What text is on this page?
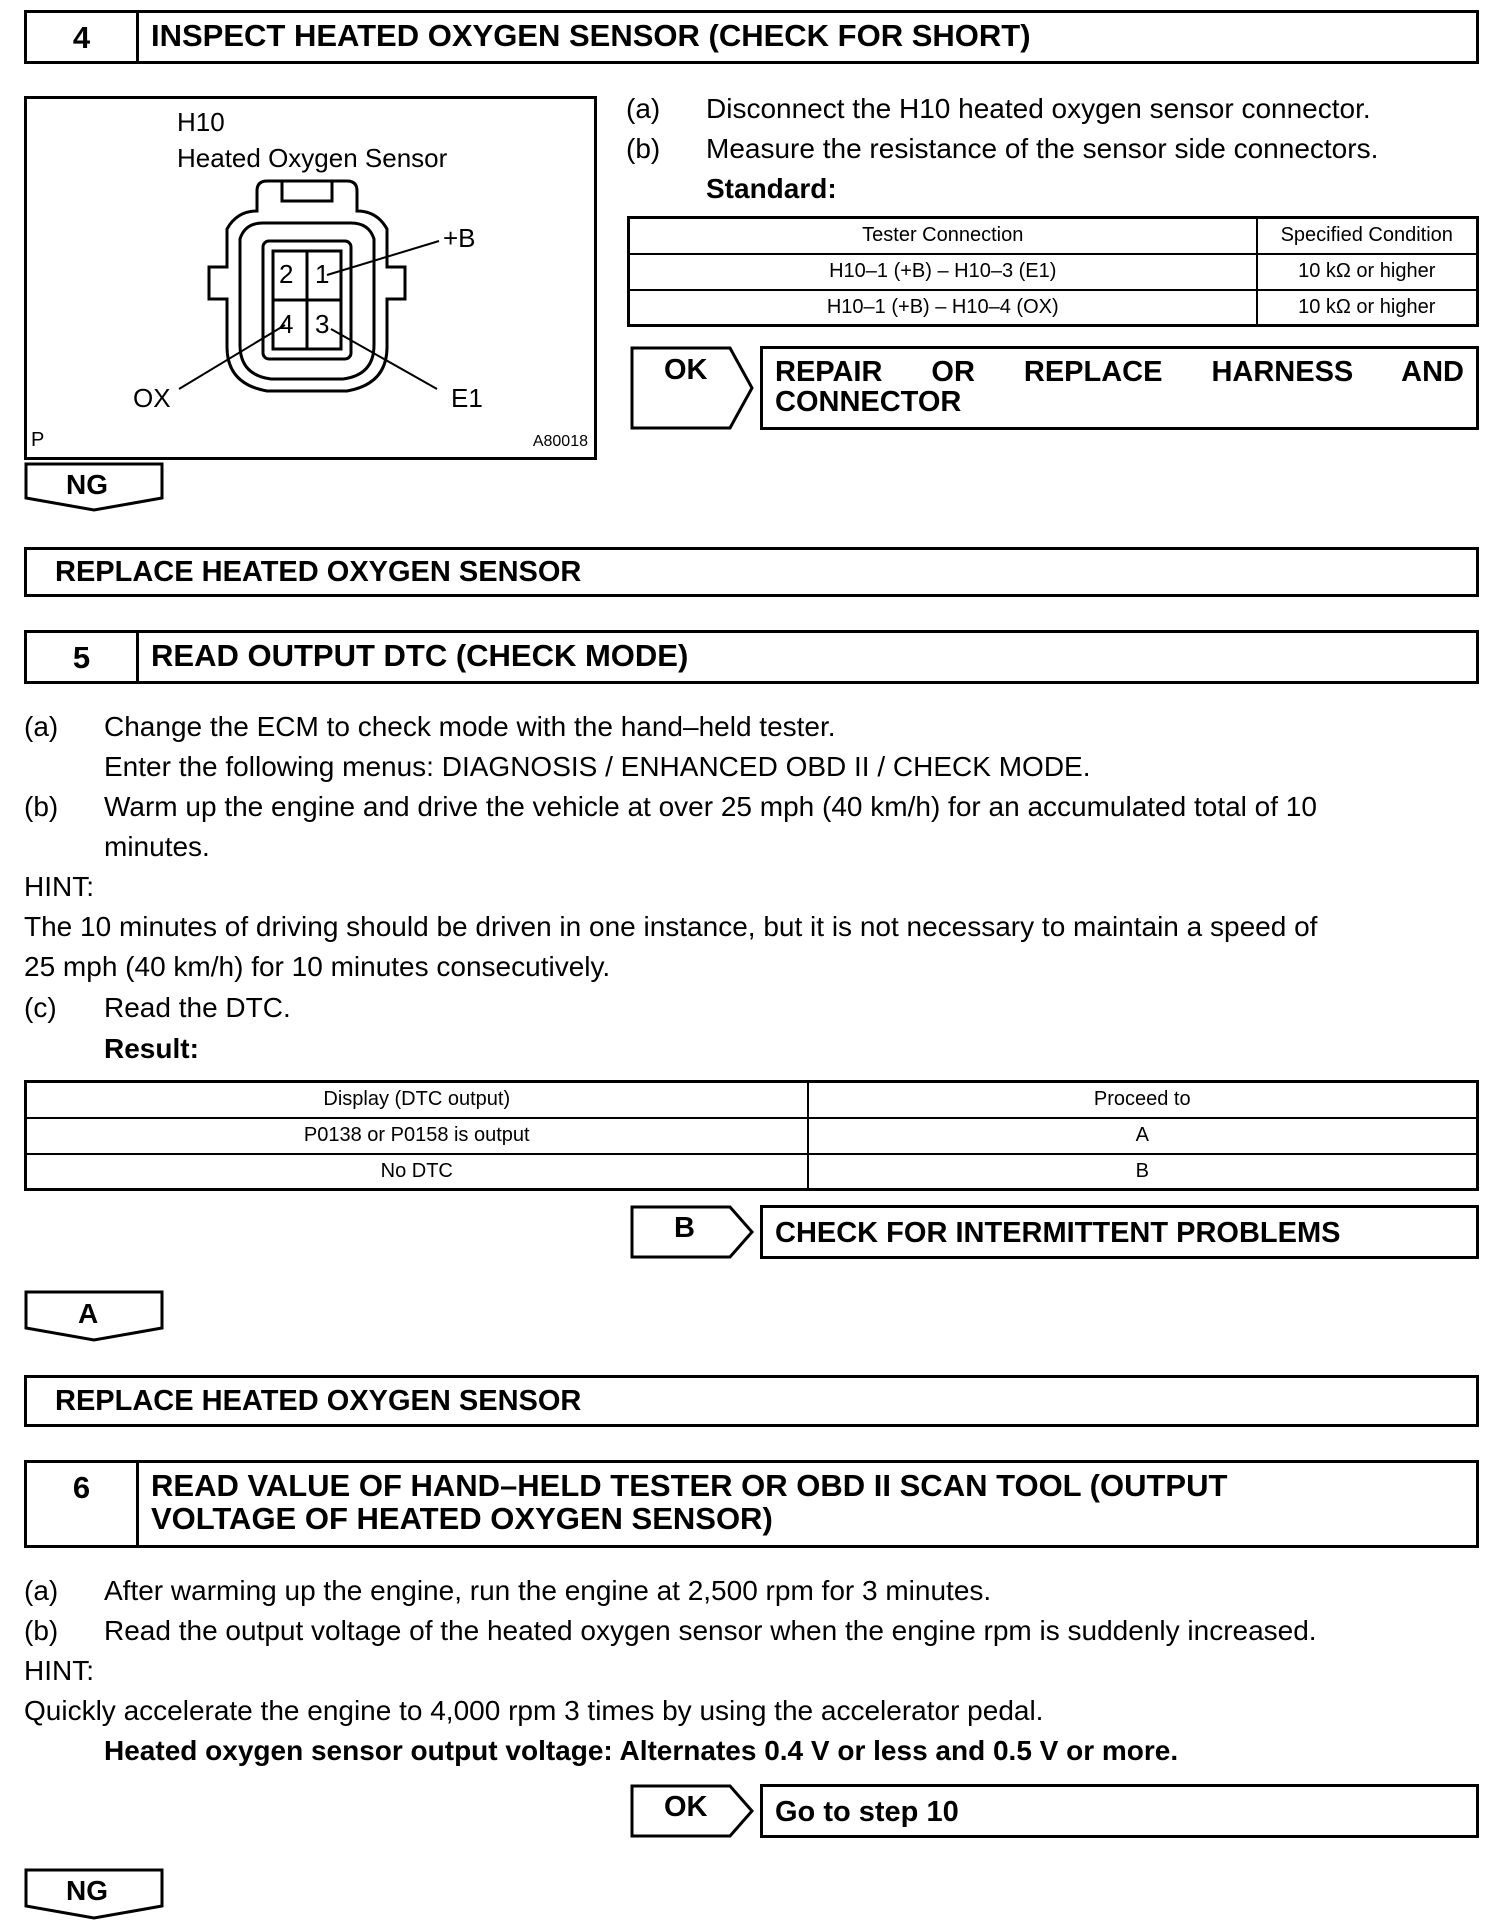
4	INSPECT HEATED OXYGEN SENSOR (CHECK FOR SHORT)
H10
Heated Oxygen Sensor
2 1
4 3
+B
OX	E1
P	A80018
(a) Disconnect the H10 heated oxygen sensor connector.
(b) Measure the resistance of the sensor side connectors.
Standard:
Tester Connection	Specified Condition
H10–1 (+B) – H10–3 (E1)	10 kΩ or higher
H10–1 (+B) – H10–4 (OX)	10 kΩ or higher
OK REPAIR OR REPLACE HARNESS AND
CONNECTOR
NG
REPLACE HEATED OXYGEN SENSOR
5	READ OUTPUT DTC (CHECK MODE)
(a) Change the ECM to check mode with the hand–held tester.
Enter the following menus: DIAGNOSIS / ENHANCED OBD II / CHECK MODE.
(b) Warm up the engine and drive the vehicle at over 25 mph (40 km/h) for an accumulated total of 10
minutes.
HINT:
The 10 minutes of driving should be driven in one instance, but it is not necessary to maintain a speed of
25 mph (40 km/h) for 10 minutes consecutively.
(c) Read the DTC.
Result:
Display (DTC output)	Proceed to
P0138 or P0158 is output	A
No DTC	B
B	CHECK FOR INTERMITTENT PROBLEMS
A
REPLACE HEATED OXYGEN SENSOR
6	READ VALUE OF HAND–HELD TESTER OR OBD II SCAN TOOL (OUTPUT
VOLTAGE OF HEATED OXYGEN SENSOR)
(a) After warming up the engine, run the engine at 2,500 rpm for 3 minutes.
(b) Read the output voltage of the heated oxygen sensor when the engine rpm is suddenly increased.
HINT:
Quickly accelerate the engine to 4,000 rpm 3 times by using the accelerator pedal.
Heated oxygen sensor output voltage: Alternates 0.4 V or less and 0.5 V or more.
OK	Go to step 10
NG
